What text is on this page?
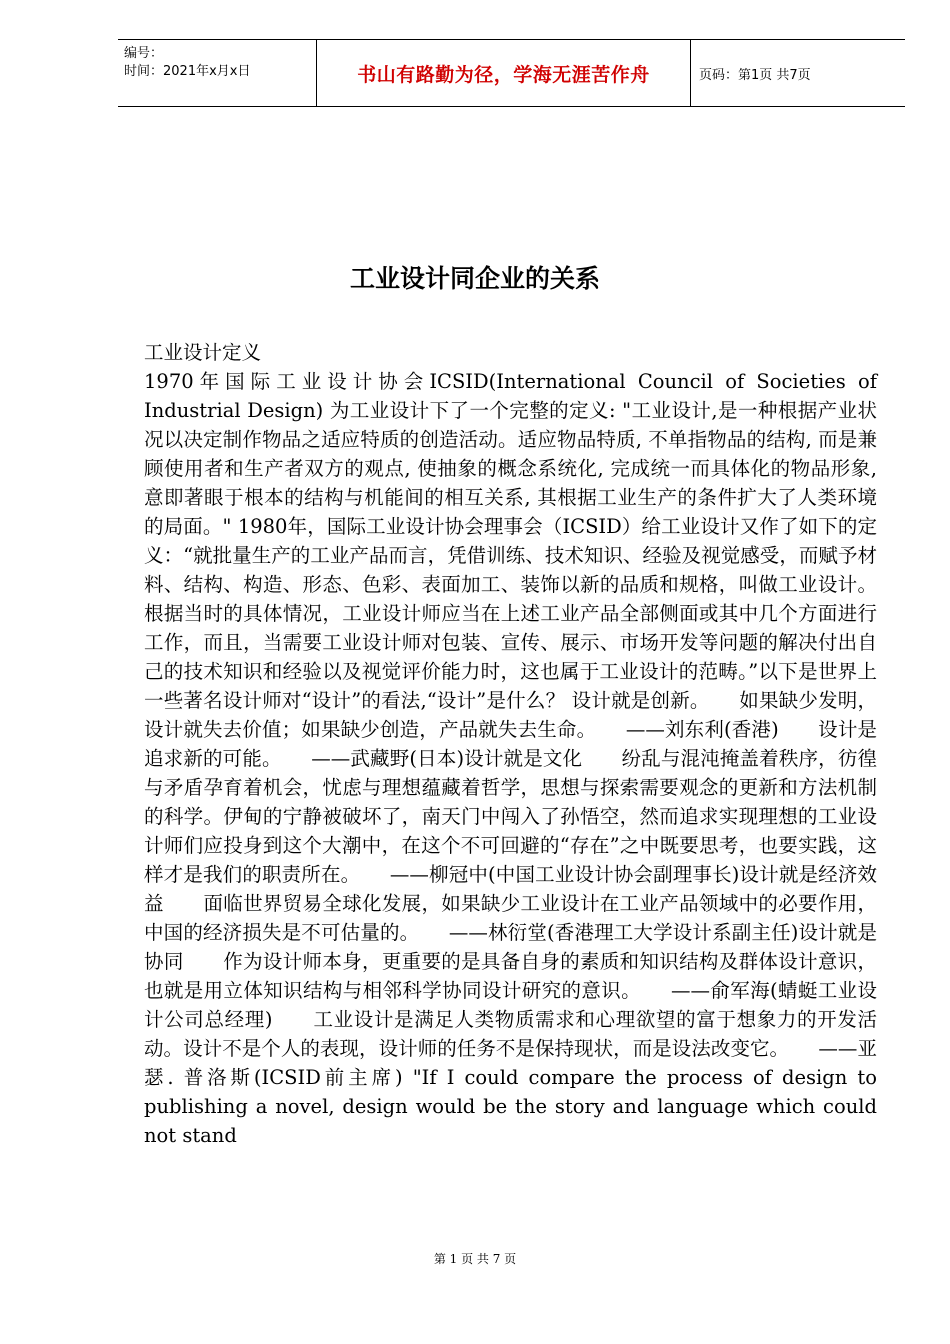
编号：
时间：2021年x月x日	书山有路勤为径，学海无涯苦作舟	页码：第1页 共7页
工业设计同企业的关系

工业设计定义

1970年国际工业设计协会ICSID(International Council of Societies of Industrial Design) 为工业设计下了一个完整的定义: "工业设计,是一种根据产业状况以决定制作物品之适应特质的创造活动。适应物品特质, 不单指物品的结构, 而是兼顾使用者和生产者双方的观点, 使抽象的概念系统化, 完成统一而具体化的物品形象, 意即著眼于根本的结构与机能间的相互关系, 其根据工业生产的条件扩大了人类环境的局面。" 1980年，国际工业设计协会理事会（ICSID）给工业设计又作了如下的定义：“就批量生产的工业产品而言，凭借训练、技术知识、经验及视觉感受，而赋予材料、结构、构造、形态、色彩、表面加工、装饰以新的品质和规格，叫做工业设计。根据当时的具体情况，工业设计师应当在上述工业产品全部侧面或其中几个方面进行工作，而且，当需要工业设计师对包装、宣传、展示、市场开发等问题的解决付出自己的技术知识和经验以及视觉评价能力时，这也属于工业设计的范畴。”以下是世界上一些著名设计师对“设计”的看法,“设计”是什么？ 设计就是创新。　　如果缺少发明，设计就失去价值；如果缺少创造，产品就失去生命。　　——刘东利(香港)　　设计是追求新的可能。　　——武藏野(日本)设计就是文化　　纷乱与混沌掩盖着秩序，彷徨与矛盾孕育着机会，忧虑与理想蕴藏着哲学，思想与探索需要观念的更新和方法机制的科学。伊甸的宁静被破坏了，南天门中闯入了孙悟空，然而追求实现理想的工业设计师们应投身到这个大潮中，在这个不可回避的“存在”之中既要思考，也要实践，这样才是我们的职责所在。　　——柳冠中(中国工业设计协会副理事长)设计就是经济效益　　面临世界贸易全球化发展，如果缺少工业设计在工业产品领域中的必要作用，中国的经济损失是不可估量的。　　——林衍堂(香港理工大学设计系副主任)设计就是协同　　作为设计师本身，更重要的是具备自身的素质和知识结构及群体设计意识，也就是用立体知识结构与相邻科学协同设计研究的意识。　　——俞军海(蜻蜓工业设计公司总经理)　　工业设计是满足人类物质需求和心理欲望的富于想象力的开发活动。设计不是个人的表现，设计师的任务不是保持现状，而是设法改变它。　　——亚瑟. 普洛斯(ICSID前主席) "If I could compare the process of design to publishing a novel, design would be the story and language which could not stand

第 1 页 共 7 页
